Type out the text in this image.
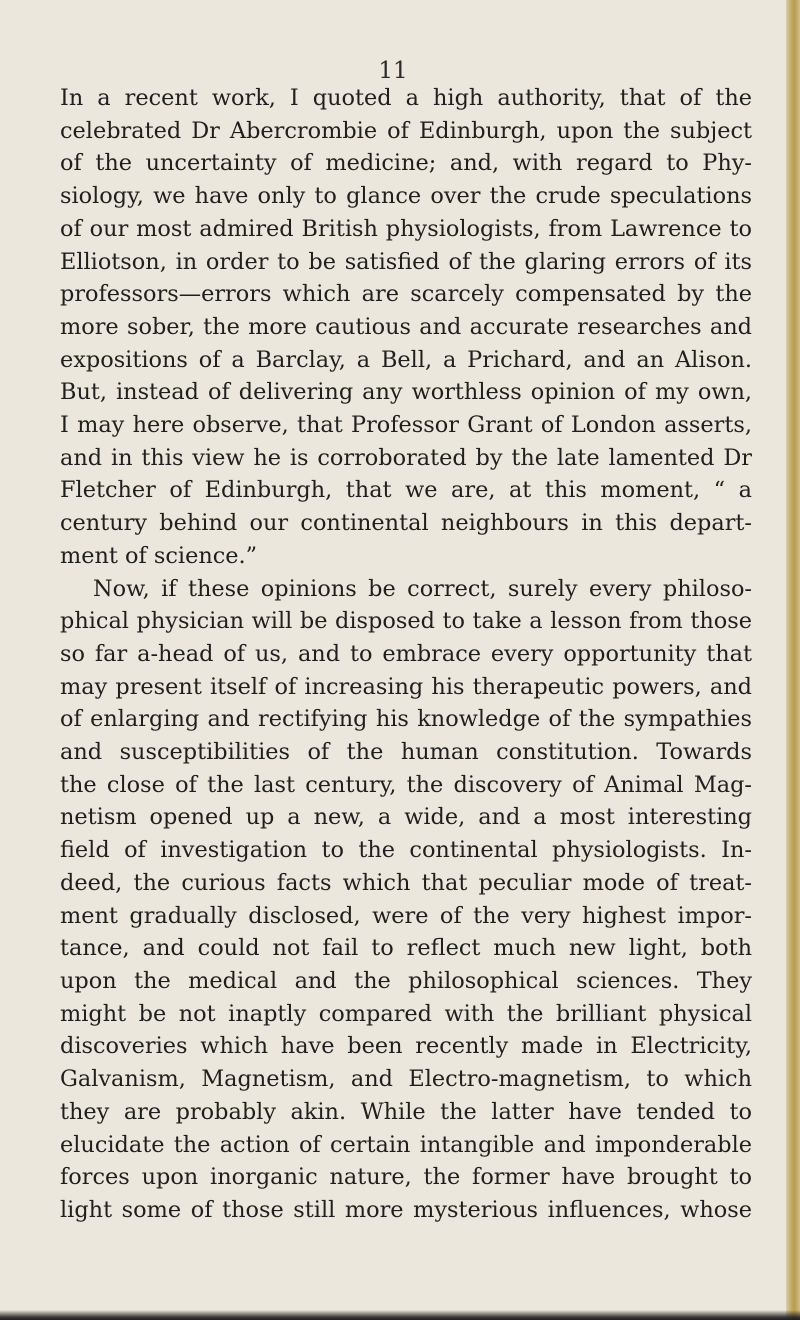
11
In a recent work, I quoted a high authority, that of the
celebrated Dr Abercrombie of Edinburgh, upon the subject
of the uncertainty of medicine; and, with regard to Phy-
siology, we have only to glance over the crude speculations
of our most admired British physiologists, from Lawrence to
Elliotson, in order to be satisfied of the glaring errors of its
professors—errors which are scarcely compensated by the
more sober, the more cautious and accurate researches and
expositions of a Barclay, a Bell, a Prichard, and an Alison.
But, instead of delivering any worthless opinion of my own,
I may here observe, that Professor Grant of London asserts,
and in this view he is corroborated by the late lamented Dr
Fletcher of Edinburgh, that we are, at this moment, “ a
century behind our continental neighbours in this depart-
ment of science.”
Now, if these opinions be correct, surely every philoso-
phical physician will be disposed to take a lesson from those
so far a-head of us, and to embrace every opportunity that
may present itself of increasing his therapeutic powers, and
of enlarging and rectifying his knowledge of the sympathies
and susceptibilities of the human constitution. Towards
the close of the last century, the discovery of Animal Mag-
netism opened up a new, a wide, and a most interesting
field of investigation to the continental physiologists. In-
deed, the curious facts which that peculiar mode of treat-
ment gradually disclosed, were of the very highest impor-
tance, and could not fail to reflect much new light, both
upon the medical and the philosophical sciences. They
might be not inaptly compared with the brilliant physical
discoveries which have been recently made in Electricity,
Galvanism, Magnetism, and Electro-magnetism, to which
they are probably akin. While the latter have tended to
elucidate the action of certain intangible and imponderable
forces upon inorganic nature, the former have brought to
light some of those still more mysterious influences, whose
